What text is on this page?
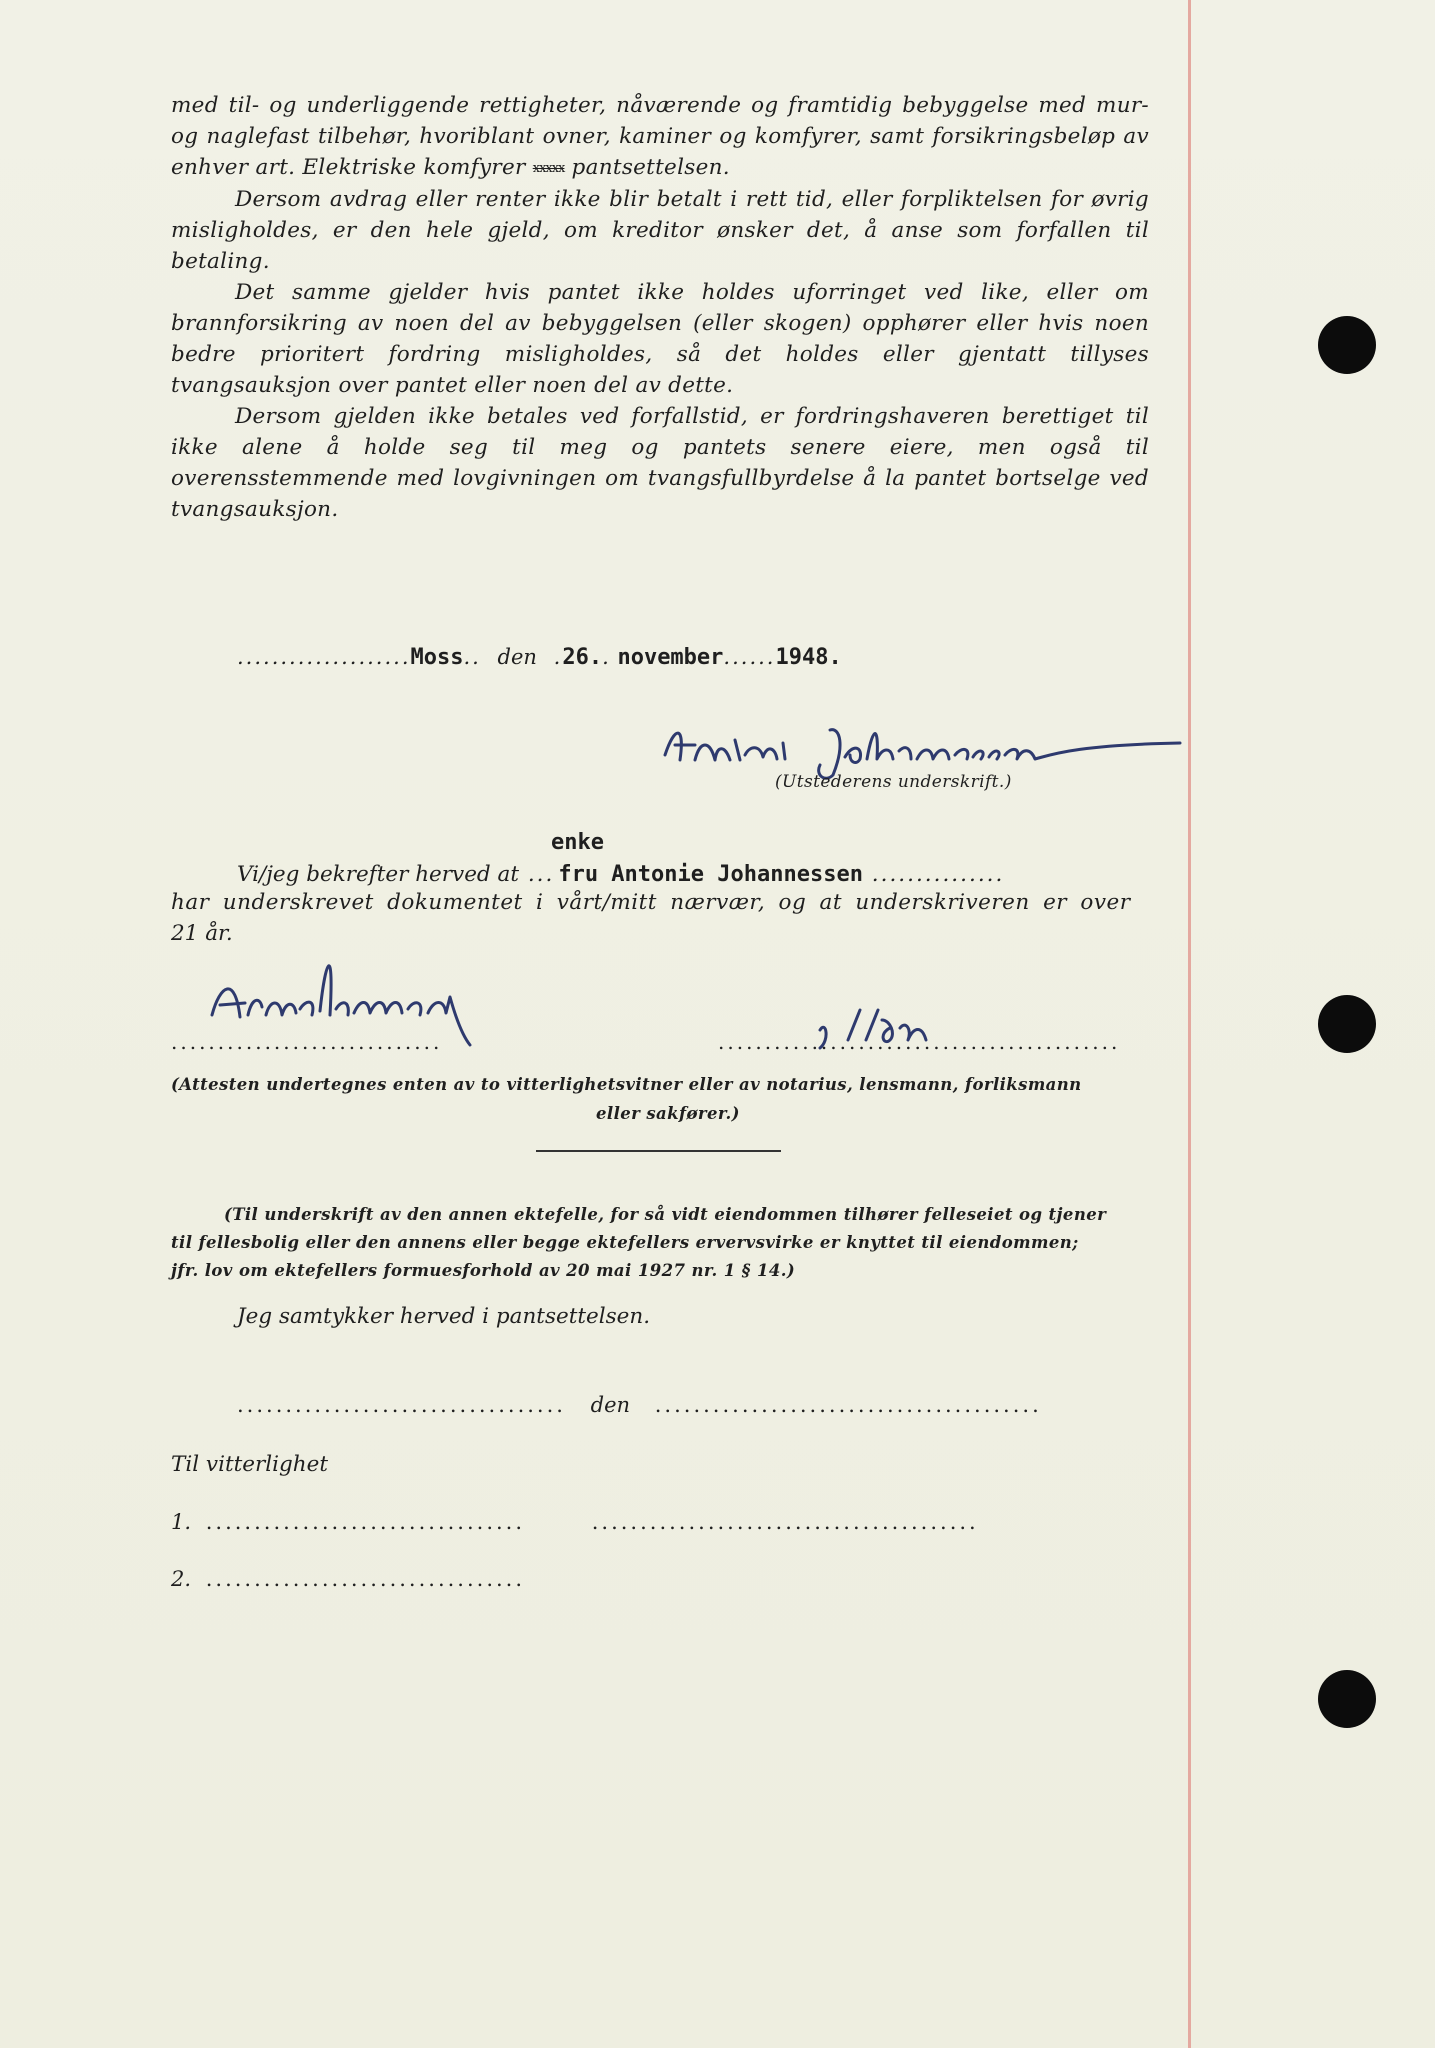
med til- og underliggende rettigheter, nåværende og framtidig bebyggelse med mur- og naglefast tilbehør, hvoriblant ovner, kaminer og komfyrer, samt forsikringsbeløp av enhver art. Elektriske komfyrer xxxxx pantsettelsen.

Dersom avdrag eller renter ikke blir betalt i rett tid, eller forpliktelsen for øvrig misligholdes, er den hele gjeld, om kreditor ønsker det, å anse som forfallen til betaling.

Det samme gjelder hvis pantet ikke holdes uforringet ved like, eller om brannforsikring av noen del av bebyggelsen (eller skogen) opphører eller hvis noen bedre prioritert fordring misligholdes, så det holdes eller gjentatt tillyses tvangsauksjon over pantet eller noen del av dette.

Dersom gjelden ikke betales ved forfallstid, er fordringshaveren berettiget til ikke alene å holde seg til meg og pantets senere eiere, men også til overensstemmende med lovgivningen om tvangsfullbyrdelse å la pantet bortselge ved tvangsauksjon.

....................Moss.. den .26.. november......1948.
(Utstederens underskrift.)
enke
Vi/jeg bekrefter herved at ... fru Antonie Johannessen ...............
har underskrevet dokumentet i vårt/mitt nærvær, og at underskriveren er over
21 år.
.............................	...........................................
(Attesten undertegnes enten av to vitterlighetsvitner eller av notarius, lensmann, forliksmann
eller sakfører.)
(Til underskrift av den annen ektefelle, for så vidt eiendommen tilhører felleseiet og tjener
til fellesbolig eller den annens eller begge ektefellers ervervsvirke er knyttet til eiendommen;
jfr. lov om ektefellers formuesforhold av 20 mai 1927 nr. 1 § 14.)
Jeg samtykker herved i pantsettelsen.
.................................. den ........................................
Til vitterlighet
1. .................................	........................................
2. .................................
